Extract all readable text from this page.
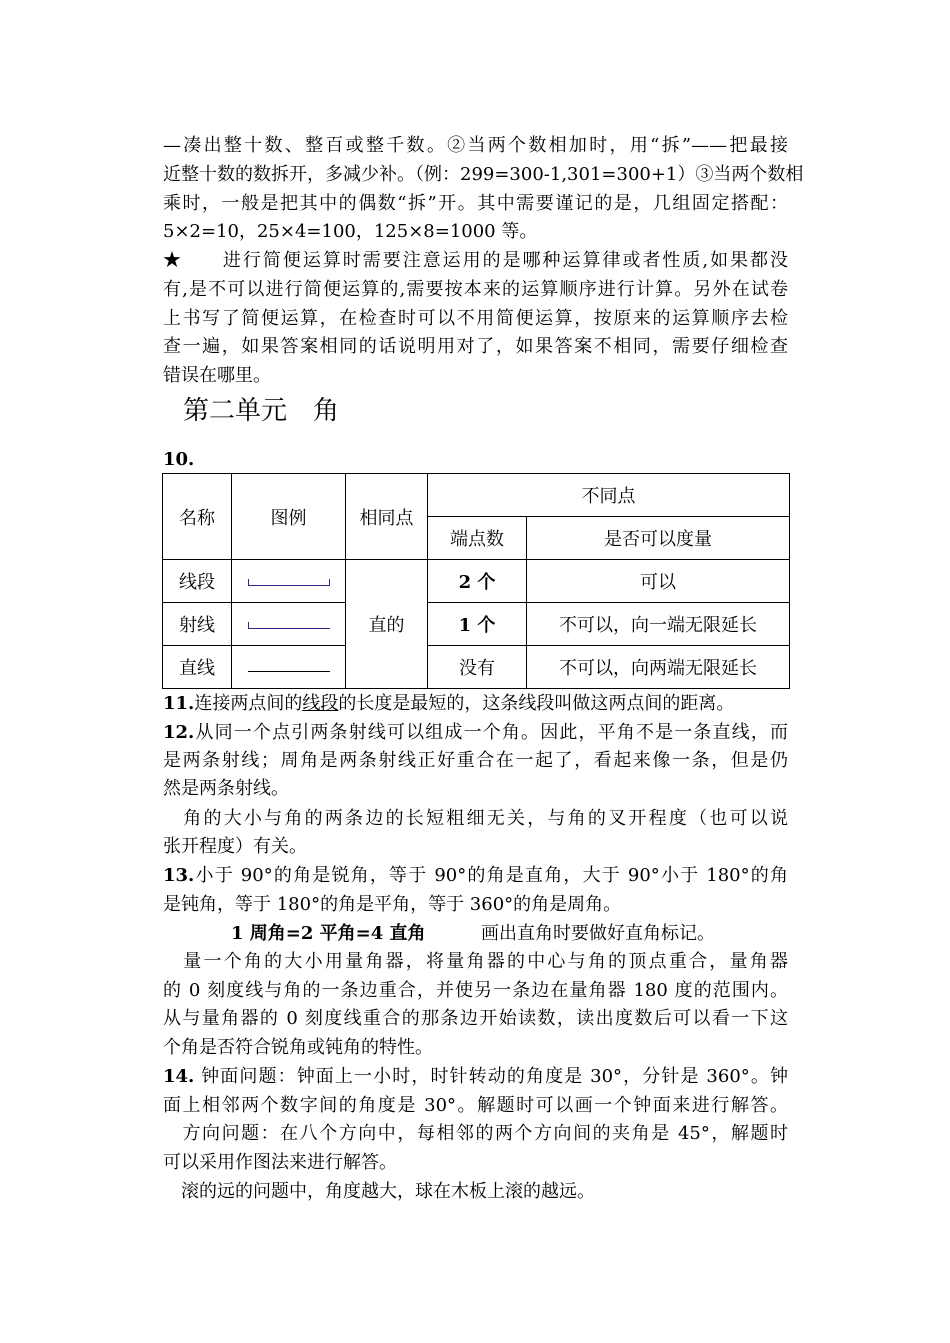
—凑出整十数、整百或整千数。②当两个数相加时，用“拆”——把最接
近整十数的数拆开，多减少补。（例：299=300-1,301=300+1）③当两个数相
乘时，一般是把其中的偶数“拆”开。其中需要谨记的是，几组固定搭配：
5×2=10，25×4=100，125×8=1000 等。
★　　进行简便运算时需要注意运用的是哪种运算律或者性质,如果都没
有,是不可以进行简便运算的,需要按本来的运算顺序进行计算。另外在试卷
上书写了简便运算，在检查时可以不用简便运算，按原来的运算顺序去检
查一遍，如果答案相同的话说明用对了，如果答案不相同，需要仔细检查
错误在哪里。
第二单元　角
10.
名称	图例	相同点	不同点	
			端点数	是否可以度量
线段		直的	2 个	可以
射线			1 个	不可以，向一端无限延长
直线			没有	不可以，向两端无限延长
11.连接两点间的线段的长度是最短的，这条线段叫做这两点间的距离。
12.从同一个点引两条射线可以组成一个角。因此，平角不是一条直线，而
是两条射线；周角是两条射线正好重合在一起了，看起来像一条，但是仍
然是两条射线。
　角的大小与角的两条边的长短粗细无关，与角的叉开程度（也可以说
张开程度）有关。
13.小于 90°的角是锐角，等于 90°的角是直角，大于 90°小于 180°的角
是钝角，等于 180°的角是平角，等于 360°的角是周角。
1 周角=2 平角=4 直角	画出直角时要做好直角标记。
　量一个角的大小用量角器，将量角器的中心与角的顶点重合，量角器
的 0 刻度线与角的一条边重合，并使另一条边在量角器 180 度的范围内。
从与量角器的 0 刻度线重合的那条边开始读数，读出度数后可以看一下这
个角是否符合锐角或钝角的特性。
14. 钟面问题：钟面上一小时，时针转动的角度是 30°，分针是 360°。钟
面上相邻两个数字间的角度是 30°。解题时可以画一个钟面来进行解答。
　方向问题：在八个方向中，每相邻的两个方向间的夹角是 45°，解题时
可以采用作图法来进行解答。
　滚的远的问题中，角度越大，球在木板上滚的越远。
